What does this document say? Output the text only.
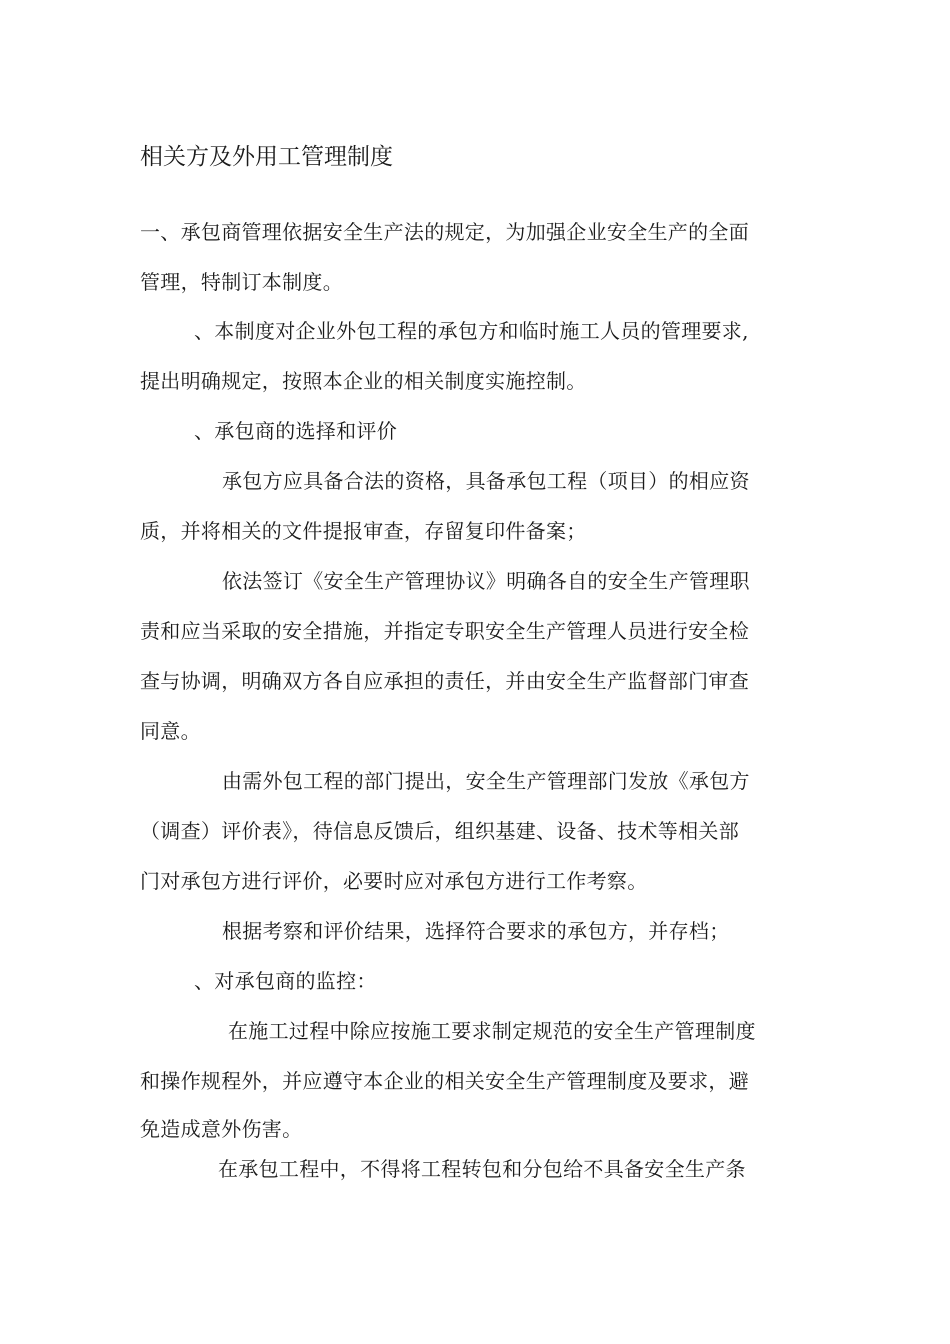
相关方及外用工管理制度
一、承包商管理依据安全生产法的规定，为加强企业安全生产的全面
管理，特制订本制度。
、本制度对企业外包工程的承包方和临时施工人员的管理要求,
提出明确规定，按照本企业的相关制度实施控制。
、承包商的选择和评价
承包方应具备合法的资格，具备承包工程（项目）的相应资
质，并将相关的文件提报审查，存留复印件备案；
依法签订《安全生产管理协议》明确各自的安全生产管理职
责和应当采取的安全措施，并指定专职安全生产管理人员进行安全检
查与协调，明确双方各自应承担的责任，并由安全生产监督部门审查
同意。
由需外包工程的部门提出，安全生产管理部门发放《承包方
（调查）评价表》，待信息反馈后，组织基建、设备、技术等相关部
门对承包方进行评价，必要时应对承包方进行工作考察。
根据考察和评价结果，选择符合要求的承包方，并存档；
、对承包商的监控：
在施工过程中除应按施工要求制定规范的安全生产管理制度
和操作规程外，并应遵守本企业的相关安全生产管理制度及要求，避
免造成意外伤害。
在承包工程中，不得将工程转包和分包给不具备安全生产条
